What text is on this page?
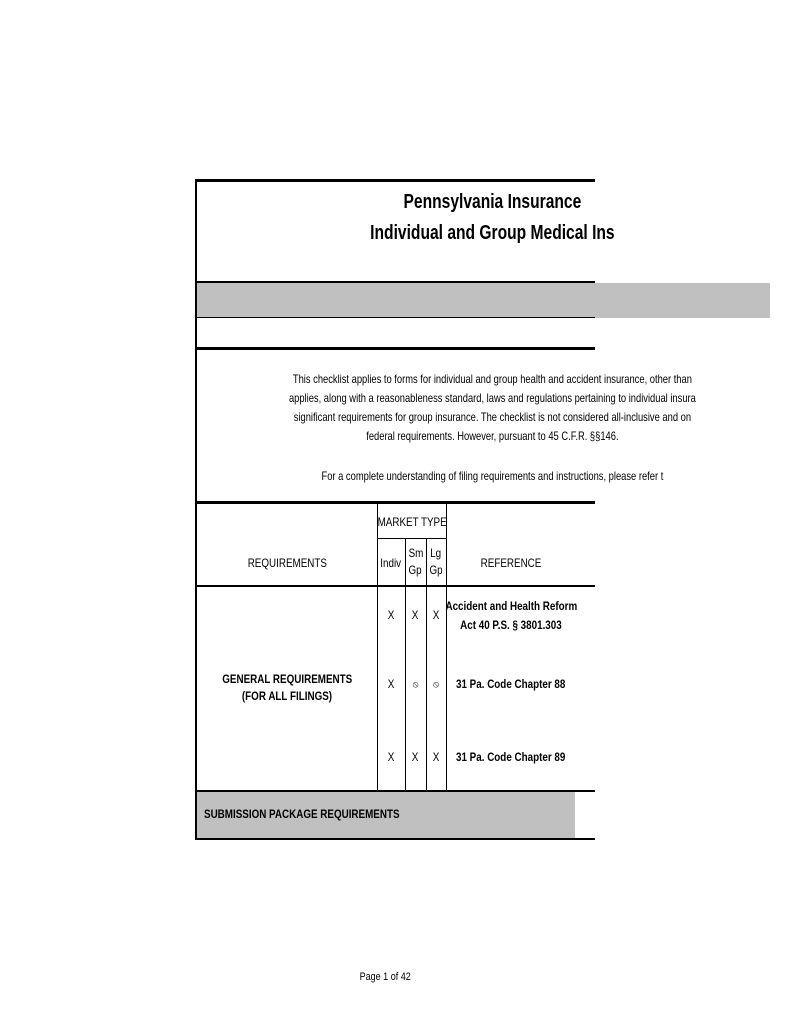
Pennsylvania Insurance
Individual and Group Medical Ins
This checklist applies to forms for individual and group health and accident insurance, other than
applies, along with a reasonableness standard, laws and regulations pertaining to individual insura
significant requirements for group insurance. The checklist is not considered all-inclusive and on
federal requirements. However, pursuant to 45 C.F.R. §§146.
For a complete understanding of filing requirements and instructions, please refer t
MARKET TYPE
REQUIREMENTS	Indiv
Sm
Gp
Lg
Gp	REFERENCE
GENERAL REQUIREMENTS
(FOR ALL FILINGS)
X X X
Accident and Health Reform
Act 40 P.S. § 3801.303
X ⦸ ⦸ 31 Pa. Code Chapter 88
X X X 31 Pa. Code Chapter 89
SUBMISSION PACKAGE REQUIREMENTS
Page 1 of 42
